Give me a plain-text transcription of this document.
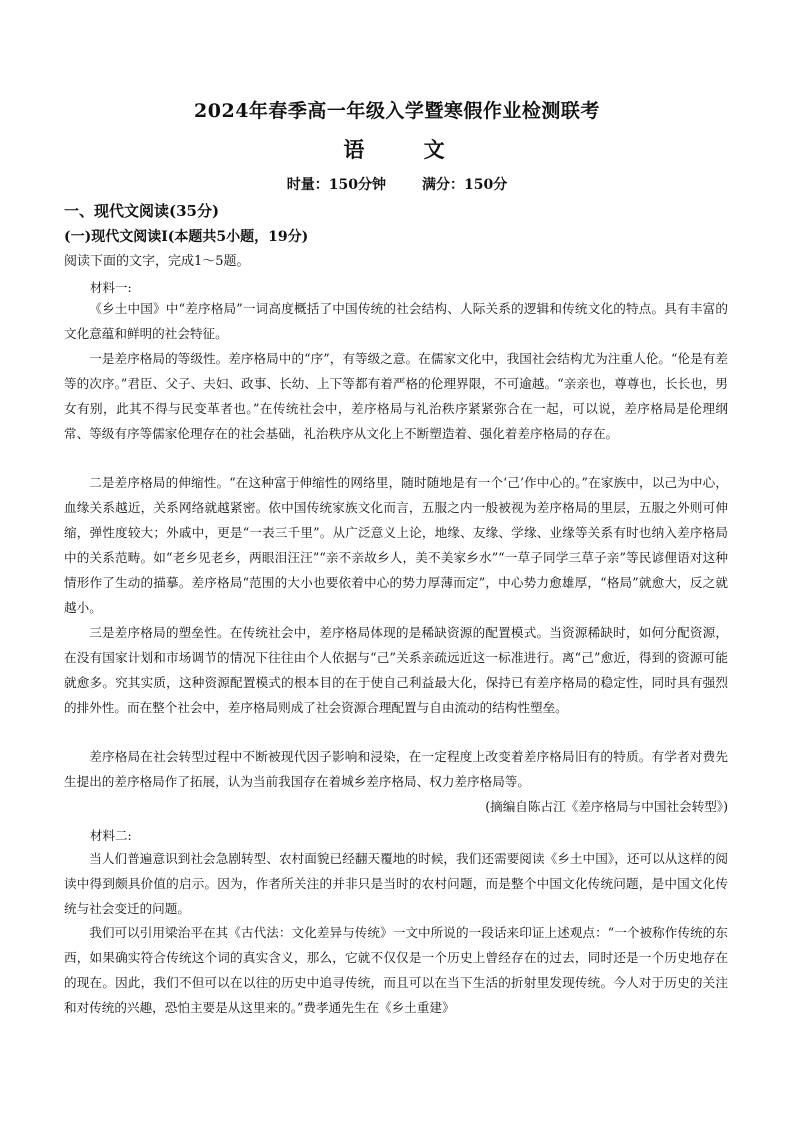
2024年春季高一年级入学暨寒假作业检测联考
语 文
时量：150分钟	满分：150分
一、现代文阅读(35分)
(一)现代文阅读Ⅰ(本题共5小题，19分)
阅读下面的文字，完成1～5题。
材料一:

《乡土中国》中“差序格局”一词高度概括了中国传统的社会结构、人际关系的逻辑和传统文化的特点。具有丰富的文化意蕴和鲜明的社会特征。

一是差序格局的等级性。差序格局中的“序”，有等级之意。在儒家文化中，我国社会结构尤为注重人伦。“伦是有差等的次序。”君臣、父子、夫妇、政事、长幼、上下等都有着严格的伦理界限，不可逾越。“亲亲也，尊尊也，长长也，男女有别，此其不得与民变革者也。”在传统社会中，差序格局与礼治秩序紧紧弥合在一起，可以说，差序格局是伦理纲常、等级有序等儒家伦理存在的社会基础，礼治秩序从文化上不断塑造着、强化着差序格局的存在。

二是差序格局的伸缩性。“在这种富于伸缩性的网络里，随时随地是有一个‘己’作中心的。”在家族中，以己为中心，血缘关系越近，关系网络就越紧密。依中国传统家族文化而言，五服之内一般被视为差序格局的里层，五服之外则可伸缩，弹性度较大；外戚中，更是“一表三千里”。从广泛意义上论，地缘、友缘、学缘、业缘等关系有时也纳入差序格局中的关系范畴。如“老乡见老乡，两眼泪汪汪”“亲不亲故乡人，美不美家乡水”“一草子同学三草子亲”等民谚俚语对这种情形作了生动的描摹。差序格局“范围的大小也要依着中心的势力厚薄而定”，中心势力愈雄厚，“格局”就愈大，反之就越小。

三是差序格局的塑垒性。在传统社会中，差序格局体现的是稀缺资源的配置模式。当资源稀缺时，如何分配资源，在没有国家计划和市场调节的情况下往往由个人依据与“己”关系亲疏远近这一标准进行。离“己”愈近，得到的资源可能就愈多。究其实质，这种资源配置模式的根本目的在于使自己利益最大化，保持已有差序格局的稳定性，同时具有强烈的排外性。而在整个社会中，差序格局则成了社会资源合理配置与自由流动的结构性塑垒。

差序格局在社会转型过程中不断被现代因子影响和浸染，在一定程度上改变着差序格局旧有的特质。有学者对费先生提出的差序格局作了拓展，认为当前我国存在着城乡差序格局、权力差序格局等。

(摘编自陈占江《差序格局与中国社会转型》)
材料二:

当人们普遍意识到社会急剧转型、农村面貌已经翻天覆地的时候，我们还需要阅读《乡土中国》，还可以从这样的阅读中得到颇具价值的启示。因为，作者所关注的并非只是当时的农村问题，而是整个中国文化传统问题，是中国文化传统与社会变迁的问题。

我们可以引用梁治平在其《古代法：文化差异与传统》一文中所说的一段话来印证上述观点：“一个被称作传统的东西，如果确实符合传统这个词的真实含义，那么，它就不仅仅是一个历史上曾经存在的过去，同时还是一个历史地存在的现在。因此，我们不但可以在以往的历史中追寻传统，而且可以在当下生活的折射里发现传统。今人对于历史的关注和对传统的兴趣，恐怕主要是从这里来的。”费孝通先生在《乡土重建》
